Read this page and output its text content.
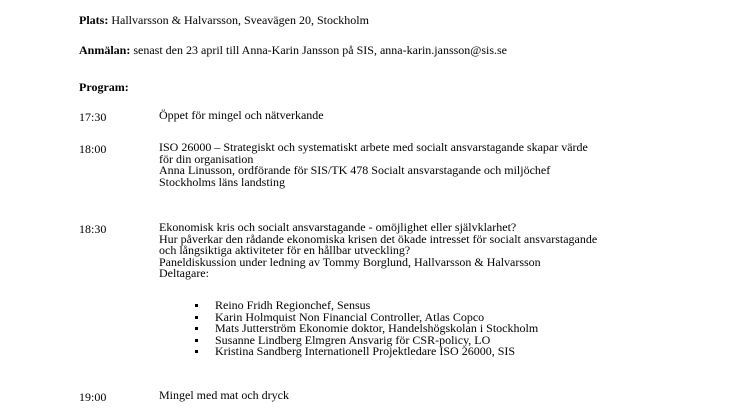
Plats: Hallvarsson & Halvarsson, Sveavägen 20, Stockholm
Anmälan: senast den 23 april till Anna-Karin Jansson på SIS, anna-karin.jansson@sis.se
Program:
17:30	Öppet för mingel och nätverkande
18:00	ISO 26000 – Strategiskt och systematiskt arbete med socialt ansvarstagande skapar värde
för din organisation
Anna Linusson, ordförande för SIS/TK 478 Socialt ansvarstagande och miljöchef
Stockholms läns landsting
18:30	Ekonomisk kris och socialt ansvarstagande - omöjlighet eller självklarhet?
Hur påverkar den rådande ekonomiska krisen det ökade intresset för socialt ansvarstagande
och långsiktiga aktiviteter för en hållbar utveckling?
Paneldiskussion under ledning av Tommy Borglund, Hallvarsson & Halvarsson
Deltagare:
Reino Fridh Regionchef, Sensus
Karin Holmquist Non Financial Controller, Atlas Copco
Mats Jutterström Ekonomie doktor, Handelshögskolan i Stockholm
Susanne Lindberg Elmgren Ansvarig för CSR-policy, LO
Kristina Sandberg Internationell Projektledare ISO 26000, SIS
19:00	Mingel med mat och dryck
